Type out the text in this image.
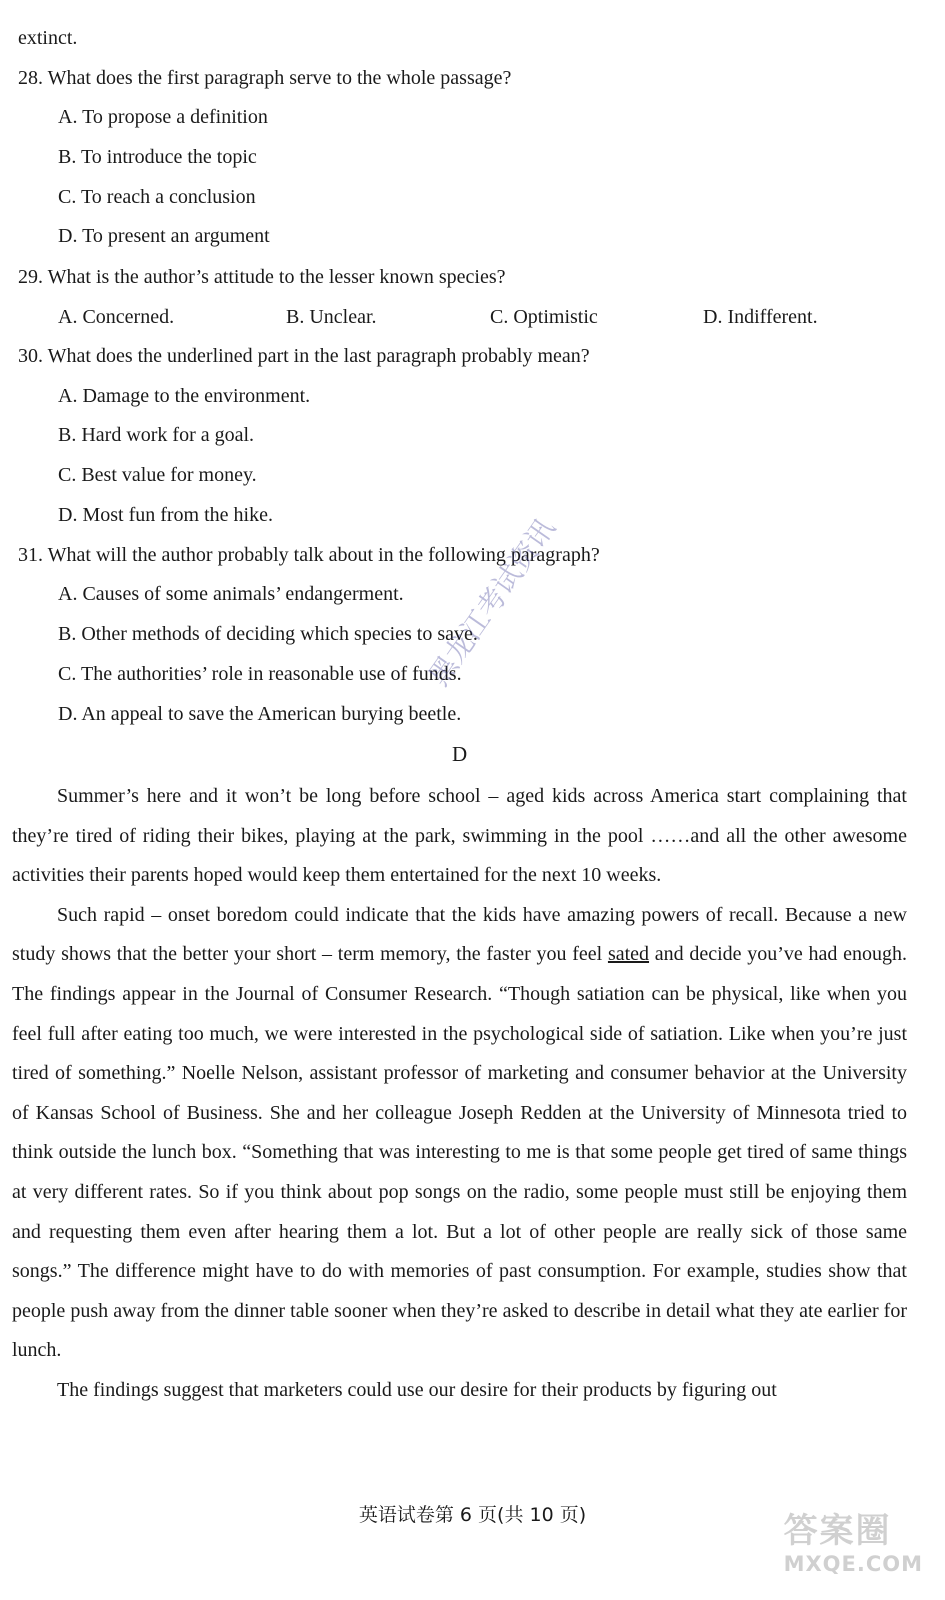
extinct.
28. What does the first paragraph serve to the whole passage?
A. To propose a definition
B. To introduce the topic
C. To reach a conclusion
D. To present an argument
29. What is the author’s attitude to the lesser known species?
A. Concerned.	B. Unclear.	C. Optimistic	D. Indifferent.
30. What does the underlined part in the last paragraph probably mean?
A. Damage to the environment.
B. Hard work for a goal.
C. Best value for money.
D. Most fun from the hike.
31. What will the author probably talk about in the following paragraph?
A. Causes of some animals’ endangerment.
B. Other methods of deciding which species to save.
C. The authorities’ role in reasonable use of funds.
D. An appeal to save the American burying beetle.
D

Summer’s here and it won’t be long before school – aged kids across America start complaining that they’re tired of riding their bikes, playing at the park, swimming in the pool ……and all the other awesome activities their parents hoped would keep them entertained for the next 10 weeks.

Such rapid – onset boredom could indicate that the kids have amazing powers of recall. Because a new study shows that the better your short – term memory, the faster you feel sated and decide you’ve had enough. The findings appear in the Journal of Consumer Research. “Though satiation can be physical, like when you feel full after eating too much, we were interested in the psychological side of satiation. Like when you’re just tired of something.” Noelle Nelson, assistant professor of marketing and consumer behavior at the University of Kansas School of Business. She and her colleague Joseph Redden at the University of Minnesota tried to think outside the lunch box. “Something that was interesting to me is that some people get tired of same things at very different rates. So if you think about pop songs on the radio, some people must still be enjoying them and requesting them even after hearing them a lot. But a lot of other people are really sick of those same songs.” The difference might have to do with memories of past consumption. For example, studies show that people push away from the dinner table sooner when they’re asked to describe in detail what they ate earlier for lunch.

The findings suggest that marketers could use our desire for their products by figuring out

英语试卷第 6 页(共 10 页)
黑龙江考试资讯
答案圈
MXQE.COM
